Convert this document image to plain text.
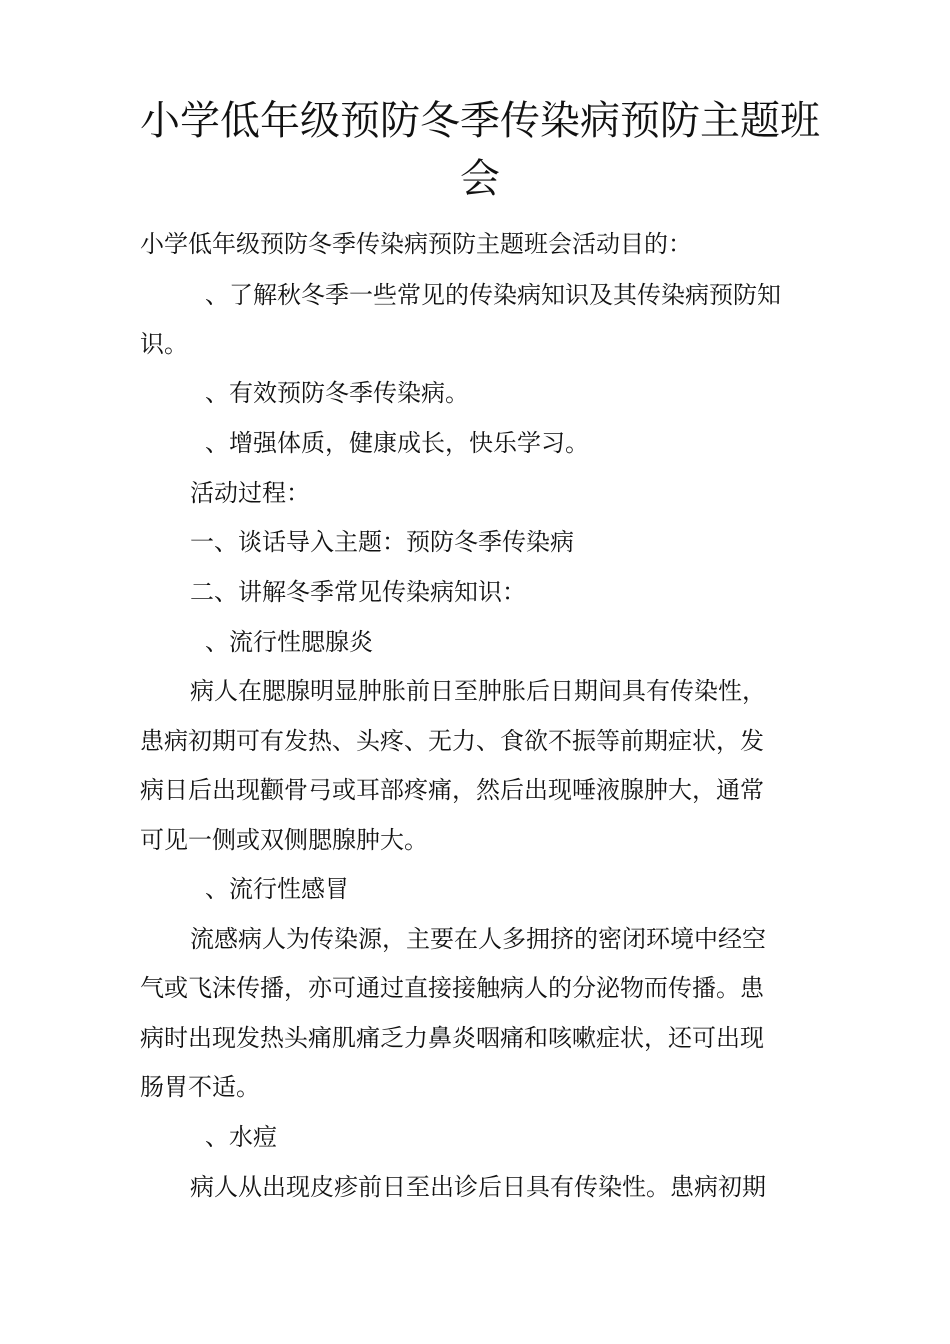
小学低年级预防冬季传染病预防主题班
会
小学低年级预防冬季传染病预防主题班会活动目的：
、了解秋冬季一些常见的传染病知识及其传染病预防知
识。
、有效预防冬季传染病。
、增强体质，健康成长，快乐学习。
活动过程：
一、谈话导入主题：预防冬季传染病
二、讲解冬季常见传染病知识：
、流行性腮腺炎
病人在腮腺明显肿胀前日至肿胀后日期间具有传染性，
患病初期可有发热、头疼、无力、食欲不振等前期症状，发
病日后出现颧骨弓或耳部疼痛，然后出现唾液腺肿大，通常
可见一侧或双侧腮腺肿大。
、流行性感冒
流感病人为传染源，主要在人多拥挤的密闭环境中经空
气或飞沫传播，亦可通过直接接触病人的分泌物而传播。患
病时出现发热头痛肌痛乏力鼻炎咽痛和咳嗽症状，还可出现
肠胃不适。
、水痘
病人从出现皮疹前日至出诊后日具有传染性。患病初期
